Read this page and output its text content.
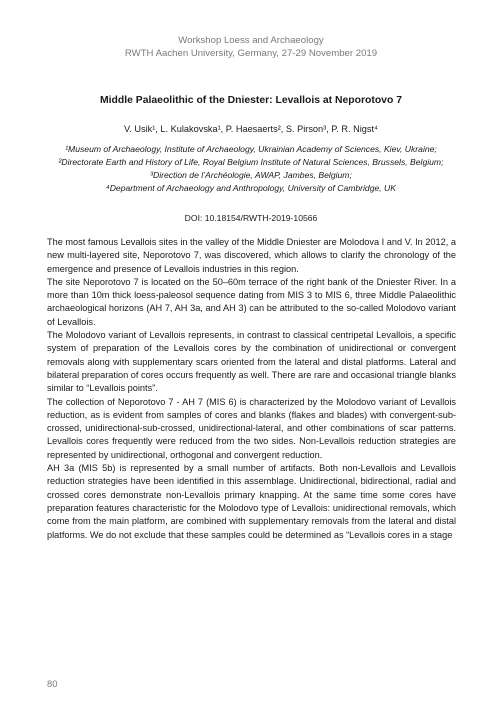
Workshop Loess and Archaeology
RWTH Aachen University, Germany, 27-29 November 2019
Middle Palaeolithic of the Dniester: Levallois at Neporotovo 7
V. Usik¹, L. Kulakovska¹, P. Haesaerts², S. Pirson³, P. R. Nigst⁴
¹Museum of Archaeology, Institute of Archaeology, Ukrainian Academy of Sciences, Kiev, Ukraine; ²Directorate Earth and History of Life, Royal Belgium Institute of Natural Sciences, Brussels, Belgium; ³Direction de l’Archéologie, AWAP, Jambes, Belgium;
⁴Department of Archaeology and Anthropology, University of Cambridge, UK
DOI: 10.18154/RWTH-2019-10566

The most famous Levallois sites in the valley of the Middle Dniester are Molodova I and V. In 2012, a new multi-layered site, Neporotovo 7, was discovered, which allows to clarify the chronology of the emergence and presence of Levallois industries in this region.

The site Neporotovo 7 is located on the 50–60m terrace of the right bank of the Dniester River. In a more than 10m thick loess-paleosol sequence dating from MIS 3 to MIS 6, three Middle Palaeolithic archaeological horizons (AH 7, AH 3a, and AH 3) can be attributed to the so-called Molodovo variant of Levallois.

The Molodovo variant of Levallois represents, in contrast to classical centripetal Levallois, a specific system of preparation of the Levallois cores by the combination of unidirectional or convergent removals along with supplementary scars oriented from the lateral and distal platforms. Lateral and bilateral preparation of cores occurs frequently as well. There are rare and occasional triangle blanks similar to “Levallois points”.

The collection of Neporotovo 7 - AH 7 (MIS 6) is characterized by the Molodovo variant of Levallois reduction, as is evident from samples of cores and blanks (flakes and blades) with convergent-sub-crossed, unidirectional-sub-crossed, unidirectional-lateral, and other combinations of scar patterns. Levallois cores frequently were reduced from the two sides. Non-Levallois reduction strategies are represented by unidirectional, orthogonal and convergent reduction.

AH 3a (MIS 5b) is represented by a small number of artifacts. Both non-Levallois and Levallois reduction strategies have been identified in this assemblage. Unidirectional, bidirectional, radial and crossed cores demonstrate non-Levallois primary knapping. At the same time some cores have preparation features characteristic for the Molodovo type of Levallois: unidirectional removals, which come from the main platform, are combined with supplementary removals from the lateral and distal platforms. We do not exclude that these samples could be determined as “Levallois cores in a stage

80
